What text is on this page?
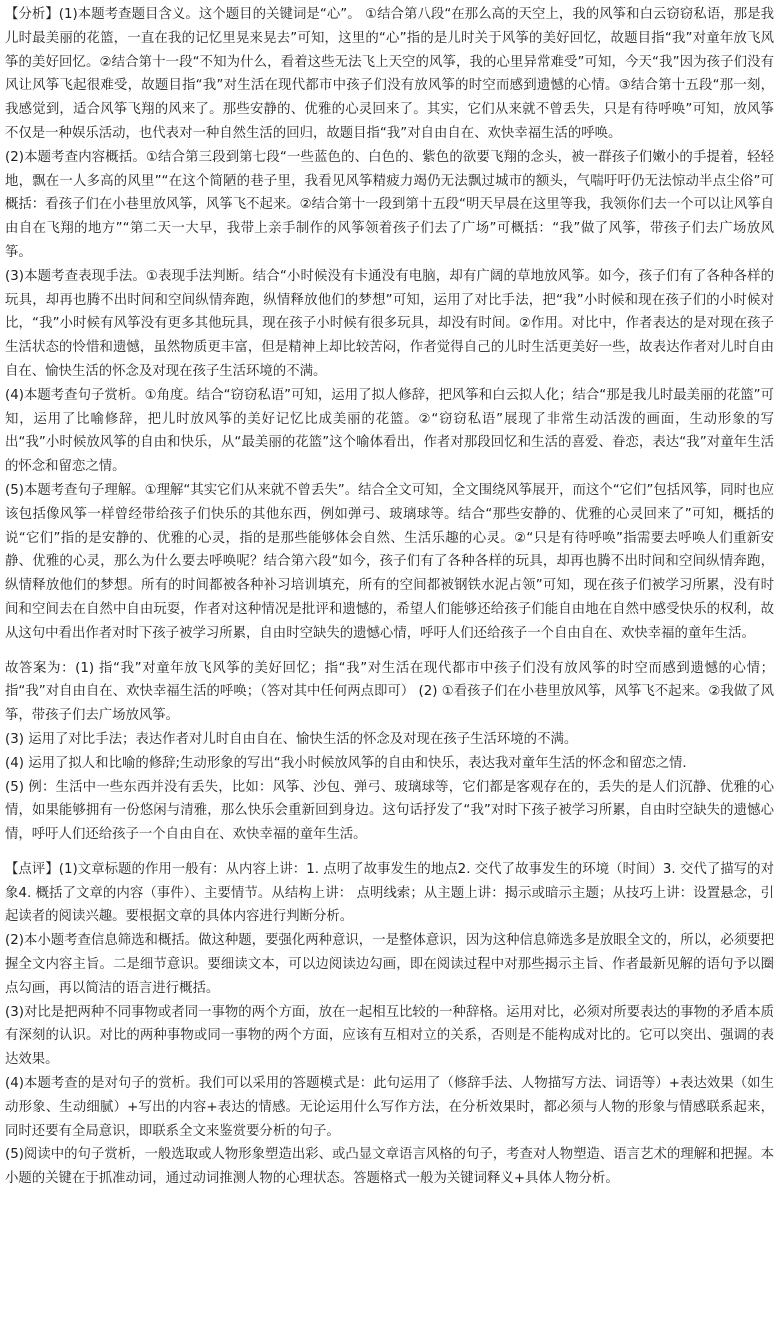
【分析】(1)本题考查题目含义。这个题目的关键词是“心”。 ①结合第八段“在那么高的天空上，我的风筝和白云窃窃私语，那是我儿时最美丽的花篮，一直在我的记忆里晃来晃去”可知，这里的“心”指的是儿时关于风筝的美好回忆，故题目指“我”对童年放飞风筝的美好回忆。②结合第十一段“不知为什么，看着这些无法飞上天空的风筝，我的心里异常难受”可知，今天“我”因为孩子们没有风让风筝飞起很难受，故题目指“我”对生活在现代都市中孩子们没有放风筝的时空而感到遗憾的心情。③结合第十五段“那一刻，我感觉到，适合风筝飞翔的风来了。那些安静的、优雅的心灵回来了。其实，它们从来就不曾丢失，只是有待呼唤”可知，放风筝不仅是一种娱乐活动，也代表对一种自然生活的回归，故题目指“我”对自由自在、欢快幸福生活的呼唤。

(2)本题考查内容概括。①结合第三段到第七段“一些蓝色的、白色的、紫色的欲要飞翔的念头，被一群孩子们嫩小的手提着，轻轻地，飘在一人多高的风里”“在这个简陋的巷子里，我看见风筝精疲力竭仍无法飘过城市的额头，气喘吁吁仍无法惊动半点尘俗”可概括：看孩子们在小巷里放风筝，风筝飞不起来。②结合第十一段到第十五段“明天早晨在这里等我，我领你们去一个可以让风筝自由自在飞翔的地方”“第二天一大早，我带上亲手制作的风筝领着孩子们去了广场”可概括：“我”做了风筝，带孩子们去广场放风筝。

(3)本题考查表现手法。①表现手法判断。结合“小时候没有卡通没有电脑，却有广阔的草地放风筝。如今，孩子们有了各种各样的玩具，却再也腾不出时间和空间纵情奔跑，纵情释放他们的梦想”可知，运用了对比手法，把“我”小时候和现在孩子们的小时候对比，“我”小时候有风筝没有更多其他玩具，现在孩子小时候有很多玩具，却没有时间。②作用。对比中，作者表达的是对现在孩子生活状态的怜惜和遗憾，虽然物质更丰富，但是精神上却比较苦闷，作者觉得自己的儿时生活更美好一些，故表达作者对儿时自由自在、愉快生活的怀念及对现在孩子生活环境的不满。

(4)本题考查句子赏析。①角度。结合“窃窃私语”可知，运用了拟人修辞，把风筝和白云拟人化；结合“那是我儿时最美丽的花篮”可知，运用了比喻修辞，把儿时放风筝的美好记忆比成美丽的花篮。②“窃窃私语”展现了非常生动活泼的画面，生动形象的写出“我”小时候放风筝的自由和快乐，从“最美丽的花篮”这个喻体看出，作者对那段回忆和生活的喜爱、眷恋，表达“我”对童年生活的怀念和留恋之情。

(5)本题考查句子理解。①理解“其实它们从来就不曾丢失”。结合全文可知，全文围绕风筝展开，而这个“它们”包括风筝，同时也应该包括像风筝一样曾经带给孩子们快乐的其他东西，例如弹弓、玻璃球等。结合“那些安静的、优雅的心灵回来了”可知，概括的说“它们”指的是安静的、优雅的心灵，指的是那些能够体会自然、生活乐趣的心灵。②“只是有待呼唤”指需要去呼唤人们重新安静、优雅的心灵，那么为什么要去呼唤呢？结合第六段“如今，孩子们有了各种各样的玩具，却再也腾不出时间和空间纵情奔跑，纵情释放他们的梦想。所有的时间都被各种补习培训填充，所有的空间都被钢铁水泥占领”可知，现在孩子们被学习所累，没有时间和空间去在自然中自由玩耍，作者对这种情况是批评和遗憾的，希望人们能够还给孩子们能自由地在自然中感受快乐的权利，故从这句中看出作者对时下孩子被学习所累，自由时空缺失的遗憾心情，呼吁人们还给孩子一个自由自在、欢快幸福的童年生活。

故答案为：(1) 指“我”对童年放飞风筝的美好回忆；指“我”对生活在现代都市中孩子们没有放风筝的时空而感到遗憾的心情；指“我”对自由自在、欢快幸福生活的呼唤；（答对其中任何两点即可） (2) ①看孩子们在小巷里放风筝，风筝飞不起来。②我做了风筝，带孩子们去广场放风筝。

(3) 运用了对比手法；表达作者对儿时自由自在、愉快生活的怀念及对现在孩子生活环境的不满。

(4) 运用了拟人和比喻的修辞;生动形象的写出“我小时候放风筝的自由和快乐，表达我对童年生活的怀念和留恋之情.

(5) 例：生活中一些东西并没有丢失，比如：风筝、沙包、弹弓、玻璃球等，它们都是客观存在的，丢失的是人们沉静、优雅的心情，如果能够拥有一份悠闲与清雅，那么快乐会重新回到身边。这句话抒发了“我”对时下孩子被学习所累，自由时空缺失的遗憾心情，呼吁人们还给孩子一个自由自在、欢快幸福的童年生活。

【点评】(1)文章标题的作用一般有：从内容上讲：1. 点明了故事发生的地点2. 交代了故事发生的环境（时间）3. 交代了描写的对象4. 概括了文章的内容（事件）、主要情节。从结构上讲： 点明线索；从主题上讲：揭示或暗示主题；从技巧上讲：设置悬念，引起读者的阅读兴趣。要根据文章的具体内容进行判断分析。

(2)本小题考查信息筛选和概括。做这种题，要强化两种意识，一是整体意识，因为这种信息筛选多是放眼全文的，所以，必须要把握全文内容主旨。二是细节意识。要细读文本，可以边阅读边勾画，即在阅读过程中对那些揭示主旨、作者最新见解的语句予以圈点勾画，再以简洁的语言进行概括。

(3)对比是把两种不同事物或者同一事物的两个方面，放在一起相互比较的一种辞格。运用对比，必须对所要表达的事物的矛盾本质有深刻的认识。对比的两种事物或同一事物的两个方面，应该有互相对立的关系，否则是不能构成对比的。它可以突出、强调的表达效果。

(4)本题考查的是对句子的赏析。我们可以采用的答题模式是：此句运用了（修辞手法、人物描写方法、词语等）+表达效果（如生动形象、生动细腻）+写出的内容+表达的情感。无论运用什么写作方法，在分析效果时，都必须与人物的形象与情感联系起来，同时还要有全局意识，即联系全文来鉴赏要分析的句子。

(5)阅读中的句子赏析，一般选取或人物形象塑造出彩、或凸显文章语言风格的句子，考查对人物塑造、语言艺术的理解和把握。本小题的关键在于抓准动词，通过动词推测人物的心理状态。答题格式一般为关键词释义+具体人物分析。
